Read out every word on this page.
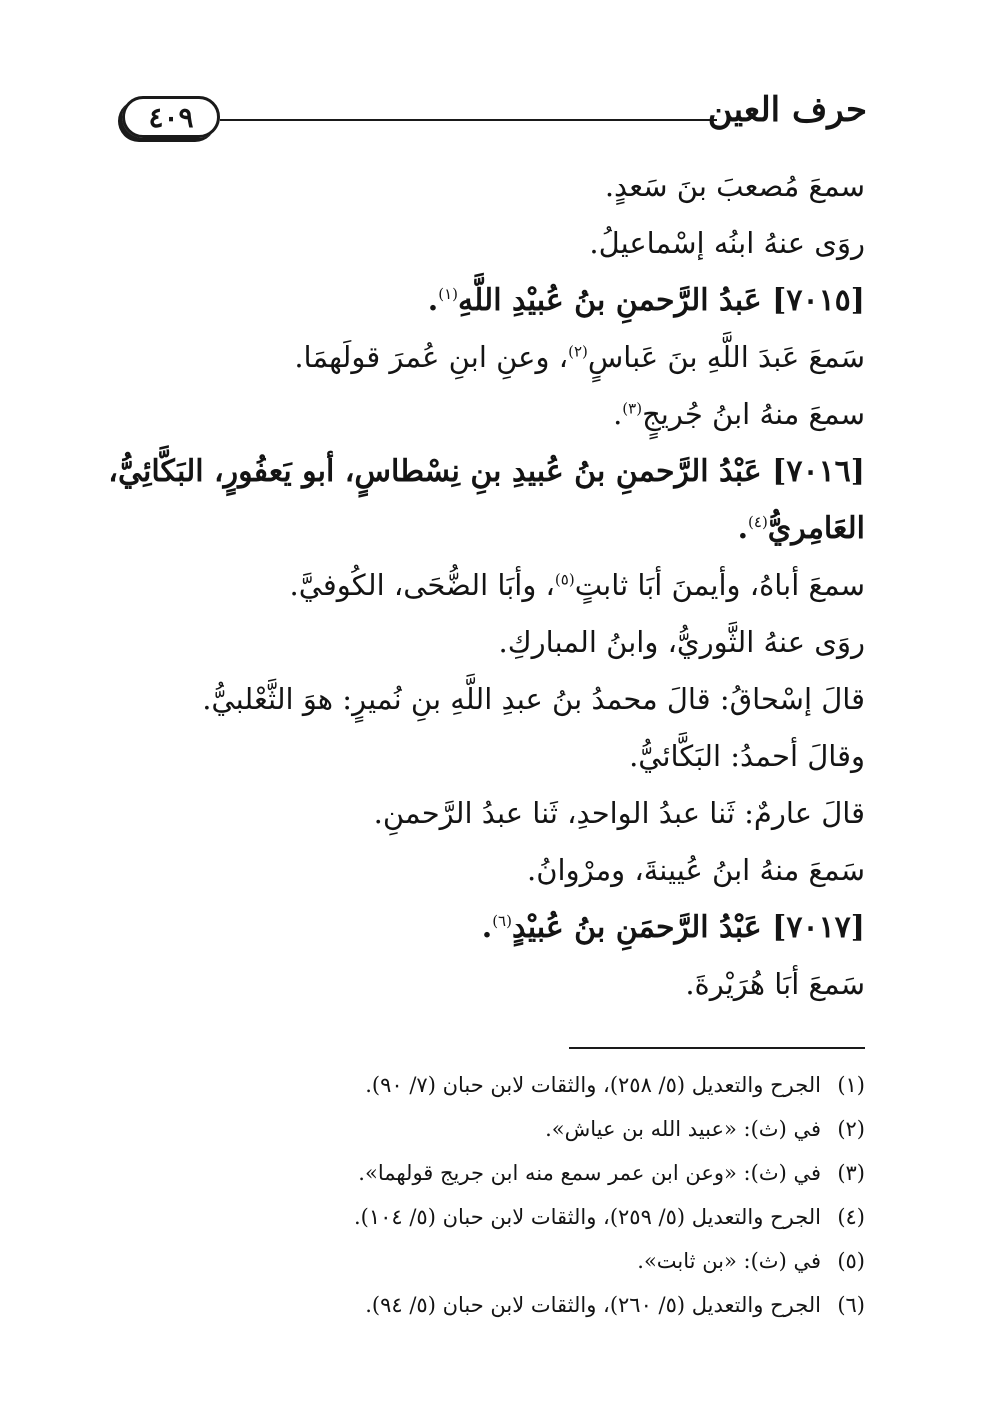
٤٠٩	حرف العين
سمعَ مُصعبَ بنَ سَعدٍ.
روَى عنهُ ابنُه إسْماعيلُ.
[٧٠١٥] عَبدُ الرَّحمنِ بنُ عُبيْدِ اللَّهِ$^{(١)}$.
سَمعَ عَبدَ اللَّهِ بنَ عَباسٍ$^{(٢)}$، وعنِ ابنِ عُمرَ قولَهمَا.
سمعَ منهُ ابنُ جُريجٍ$^{(٣)}$.
[٧٠١٦] عَبْدُ الرَّحمنِ بنُ عُبيدِ بنِ نِسْطاسٍ، أبو يَعفُورٍ، البَكَّائِيُّ،
العَامِريُّ$^{(٤)}$.
سمعَ أباهُ، وأيمنَ أبَا ثابتٍ$^{(٥)}$، وأبَا الضُّحَى، الكُوفيَّ.
روَى عنهُ الثَّوريُّ، وابنُ المباركِ.
قالَ إسْحاقُ: قالَ محمدُ بنُ عبدِ اللَّهِ بنِ نُميرٍ: هوَ الثَّعْلبيُّ.
وقالَ أحمدُ: البَكَّائيُّ.
قالَ عارمٌ: ثَنا عبدُ الواحدِ، ثَنا عبدُ الرَّحمنِ.
سَمعَ منهُ ابنُ عُيينةَ، ومرْوانُ.
[٧٠١٧] عَبْدُ الرَّحمَنِ بنُ عُبيْدٍ$^{(٦)}$.
سَمعَ أبَا هُرَيْرةَ.
(١)الجرح والتعديل (٥/ ٢٥٨)، والثقات لابن حبان (٧/ ٩٠).
(٢)في (ث): «عبيد الله بن عياش».
(٣)في (ث): «وعن ابن عمر سمع منه ابن جريج قولهما».
(٤)الجرح والتعديل (٥/ ٢٥٩)، والثقات لابن حبان (٥/ ١٠٤).
(٥)في (ث): «بن ثابت».
(٦)الجرح والتعديل (٥/ ٢٦٠)، والثقات لابن حبان (٥/ ٩٤).
